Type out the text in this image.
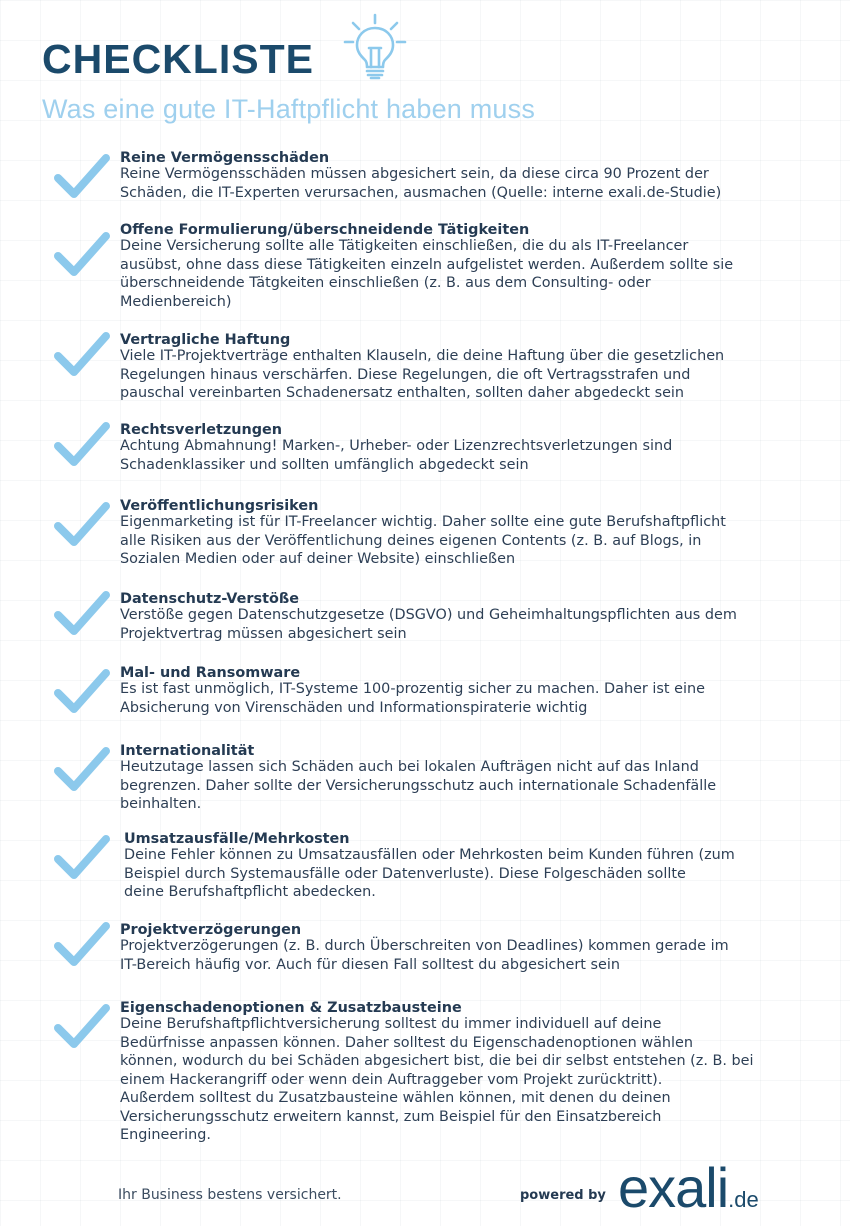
CHECKLISTE
Was eine gute IT-Haftpflicht haben muss
Reine Vermögensschäden
Reine Vermögensschäden müssen abgesichert sein, da diese circa 90 Prozent der
Schäden, die IT-Experten verursachen, ausmachen (Quelle: interne exali.de-Studie)
Offene Formulierung/überschneidende Tätigkeiten
Deine Versicherung sollte alle Tätigkeiten einschließen, die du als IT-Freelancer
ausübst, ohne dass diese Tätigkeiten einzeln aufgelistet werden. Außerdem sollte sie
überschneidende Tätgkeiten einschließen (z. B. aus dem Consulting- oder
Medienbereich)
Vertragliche Haftung
Viele IT-Projektverträge enthalten Klauseln, die deine Haftung über die gesetzlichen
Regelungen hinaus verschärfen. Diese Regelungen, die oft Vertragsstrafen und
pauschal vereinbarten Schadenersatz enthalten, sollten daher abgedeckt sein
Rechtsverletzungen
Achtung Abmahnung! Marken-, Urheber- oder Lizenzrechtsverletzungen sind
Schadenklassiker und sollten umfänglich abgedeckt sein
Veröffentlichungsrisiken
Eigenmarketing ist für IT-Freelancer wichtig. Daher sollte eine gute Berufshaftpflicht
alle Risiken aus der Veröffentlichung deines eigenen Contents (z. B. auf Blogs, in
Sozialen Medien oder auf deiner Website) einschließen
Datenschutz-Verstöße
Verstöße gegen Datenschutzgesetze (DSGVO) und Geheimhaltungspflichten aus dem
Projektvertrag müssen abgesichert sein
Mal- und Ransomware
Es ist fast unmöglich, IT-Systeme 100-prozentig sicher zu machen. Daher ist eine
Absicherung von Virenschäden und Informationspiraterie wichtig
Internationalität
Heutzutage lassen sich Schäden auch bei lokalen Aufträgen nicht auf das Inland
begrenzen. Daher sollte der Versicherungsschutz auch internationale Schadenfälle
beinhalten.
Umsatzausfälle/Mehrkosten
Deine Fehler können zu Umsatzausfällen oder Mehrkosten beim Kunden führen (zum
Beispiel durch Systemausfälle oder Datenverluste). Diese Folgeschäden sollte
deine Berufshaftpflicht abedecken.
Projektverzögerungen
Projektverzögerungen (z. B. durch Überschreiten von Deadlines) kommen gerade im
IT-Bereich häufig vor. Auch für diesen Fall solltest du abgesichert sein
Eigenschadenoptionen & Zusatzbausteine
Deine Berufshaftpflichtversicherung solltest du immer individuell auf deine
Bedürfnisse anpassen können. Daher solltest du Eigenschadenoptionen wählen
können, wodurch du bei Schäden abgesichert bist, die bei dir selbst entstehen (z. B. bei
einem Hackerangriff oder wenn dein Auftraggeber vom Projekt zurücktritt).
Außerdem solltest du Zusatzbausteine wählen können, mit denen du deinen
Versicherungsschutz erweitern kannst, zum Beispiel für den Einsatzbereich
Engineering.
Ihr Business bestens versichert.	powered by exali.de
